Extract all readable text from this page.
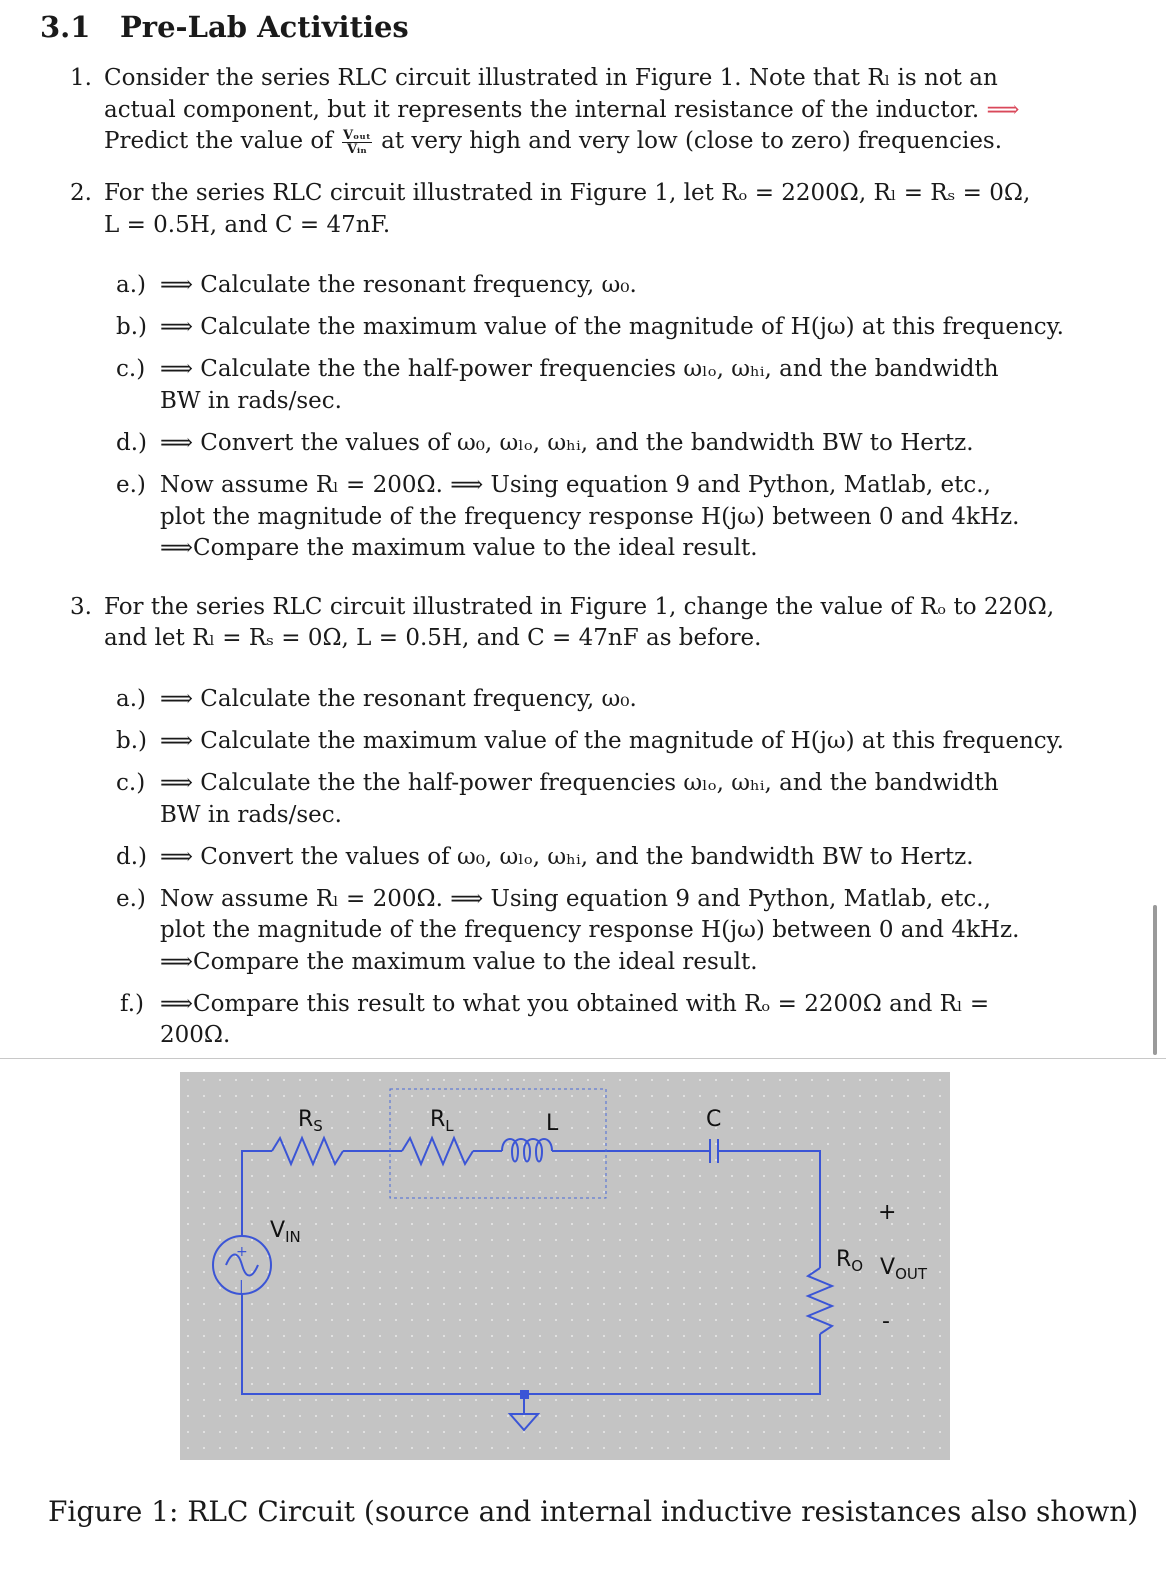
3.1 Pre-Lab Activities
1. Consider the series RLC circuit illustrated in Figure 1. Note that Rₗ is not an
actual component, but it represents the internal resistance of the inductor. ⟹
Predict the value of $\frac{\text{Vₒᵤₜ}}{\text{Vᵢₙ}}$ at very high and very low (close to zero) frequencies.
2. For the series RLC circuit illustrated in Figure 1, let Rₒ = 2200Ω, Rₗ = Rₛ = 0Ω,
L = 0.5H, and C = 47nF.
a.) ⟹ Calculate the resonant frequency, ω₀.
b.) ⟹ Calculate the maximum value of the magnitude of H(jω) at this frequency.
c.) ⟹ Calculate the the half-power frequencies ωₗₒ, ωₕᵢ, and the bandwidth
BW in rads/sec.
d.) ⟹ Convert the values of ω₀, ωₗₒ, ωₕᵢ, and the bandwidth BW to Hertz.
e.) Now assume Rₗ = 200Ω. ⟹ Using equation 9 and Python, Matlab, etc.,
plot the magnitude of the frequency response H(jω) between 0 and 4kHz.
⟹Compare the maximum value to the ideal result.
3. For the series RLC circuit illustrated in Figure 1, change the value of Rₒ to 220Ω,
and let Rₗ = Rₛ = 0Ω, L = 0.5H, and C = 47nF as before.
a.) ⟹ Calculate the resonant frequency, ω₀.
b.) ⟹ Calculate the maximum value of the magnitude of H(jω) at this frequency.
c.) ⟹ Calculate the the half-power frequencies ωₗₒ, ωₕᵢ, and the bandwidth
BW in rads/sec.
d.) ⟹ Convert the values of ω₀, ωₗₒ, ωₕᵢ, and the bandwidth BW to Hertz.
e.) Now assume Rₗ = 200Ω. ⟹ Using equation 9 and Python, Matlab, etc.,
plot the magnitude of the frequency response H(jω) between 0 and 4kHz.
⟹Compare the maximum value to the ideal result.
f.) ⟹Compare this result to what you obtained with Rₒ = 2200Ω and Rₗ =
200Ω.
$R_S$	$R_L$	L	C
$V_{IN}$
$R_O$ $V_{OUT}$
+
-
+
|
Figure 1: RLC Circuit (source and internal inductive resistances also shown)
